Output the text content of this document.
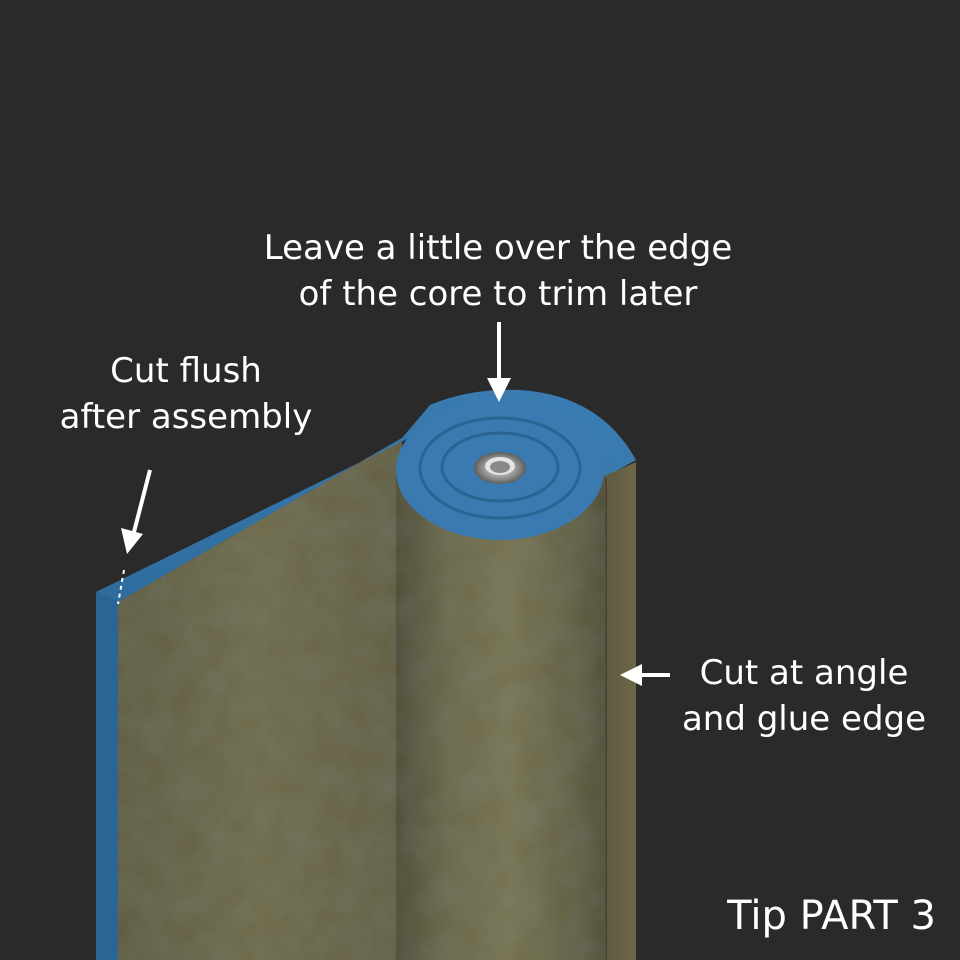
Leave a little over the edge
of the core to trim later
Cut flush
after assembly
Cut at angle
and glue edge
Tip PART 3
